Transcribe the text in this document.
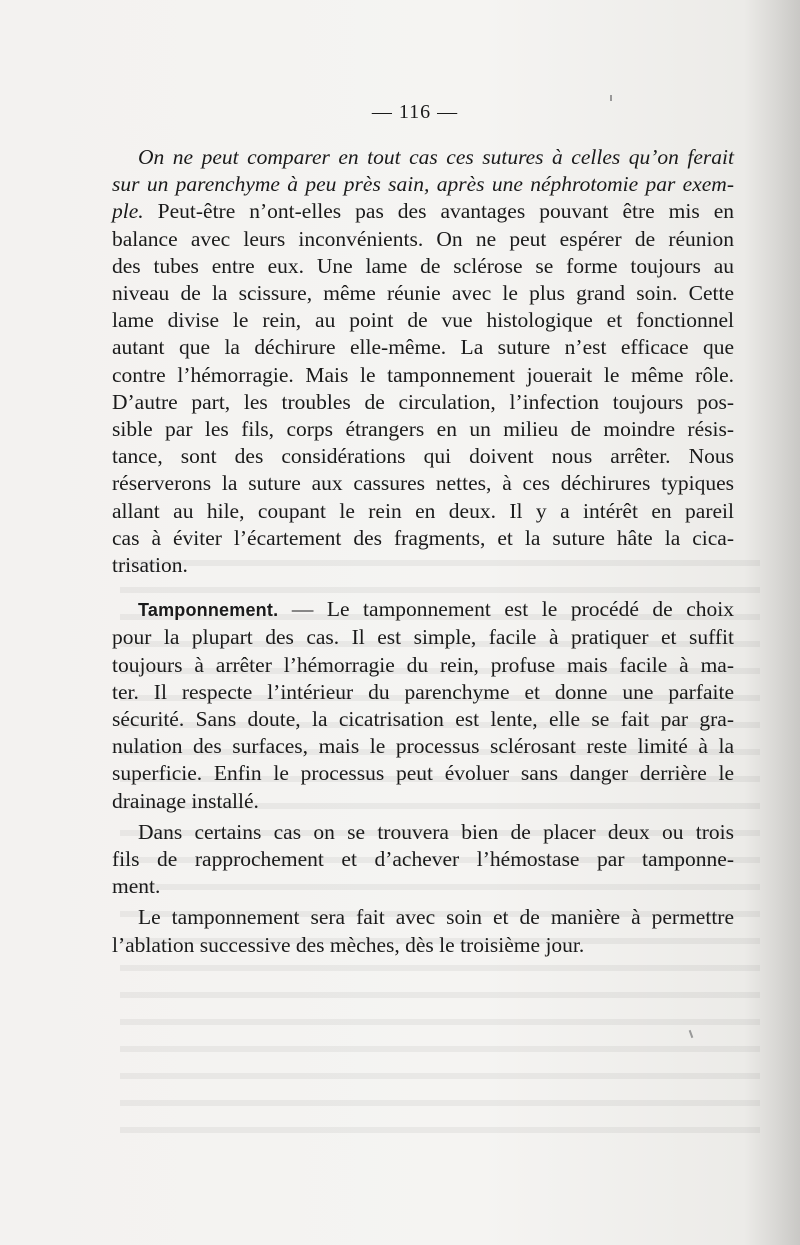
— 116 —
On ne peut comparer en tout cas ces sutures à celles qu’on ferait
sur un parenchyme à peu près sain, après une néphrotomie par exem-
ple. Peut-être n’ont-elles pas des avantages pouvant être mis en
balance avec leurs inconvénients. On ne peut espérer de réunion
des tubes entre eux. Une lame de sclérose se forme toujours au
niveau de la scissure, même réunie avec le plus grand soin. Cette
lame divise le rein, au point de vue histologique et fonctionnel
autant que la déchirure elle-même. La suture n’est efficace que
contre l’hémorragie. Mais le tamponnement jouerait le même rôle.
D’autre part, les troubles de circulation, l’infection toujours pos-
sible par les fils, corps étrangers en un milieu de moindre résis-
tance, sont des considérations qui doivent nous arrêter. Nous
réserverons la suture aux cassures nettes, à ces déchirures typiques
allant au hile, coupant le rein en deux. Il y a intérêt en pareil
cas à éviter l’écartement des fragments, et la suture hâte la cica-
trisation.
Tamponnement. — Le tamponnement est le procédé de choix
pour la plupart des cas. Il est simple, facile à pratiquer et suffit
toujours à arrêter l’hémorragie du rein, profuse mais facile à ma-
ter. Il respecte l’intérieur du parenchyme et donne une parfaite
sécurité. Sans doute, la cicatrisation est lente, elle se fait par gra-
nulation des surfaces, mais le processus sclérosant reste limité à la
superficie. Enfin le processus peut évoluer sans danger derrière le
drainage installé.
Dans certains cas on se trouvera bien de placer deux ou trois
fils de rapprochement et d’achever l’hémostase par tamponne-
ment.
Le tamponnement sera fait avec soin et de manière à permettre
l’ablation successive des mèches, dès le troisième jour.
